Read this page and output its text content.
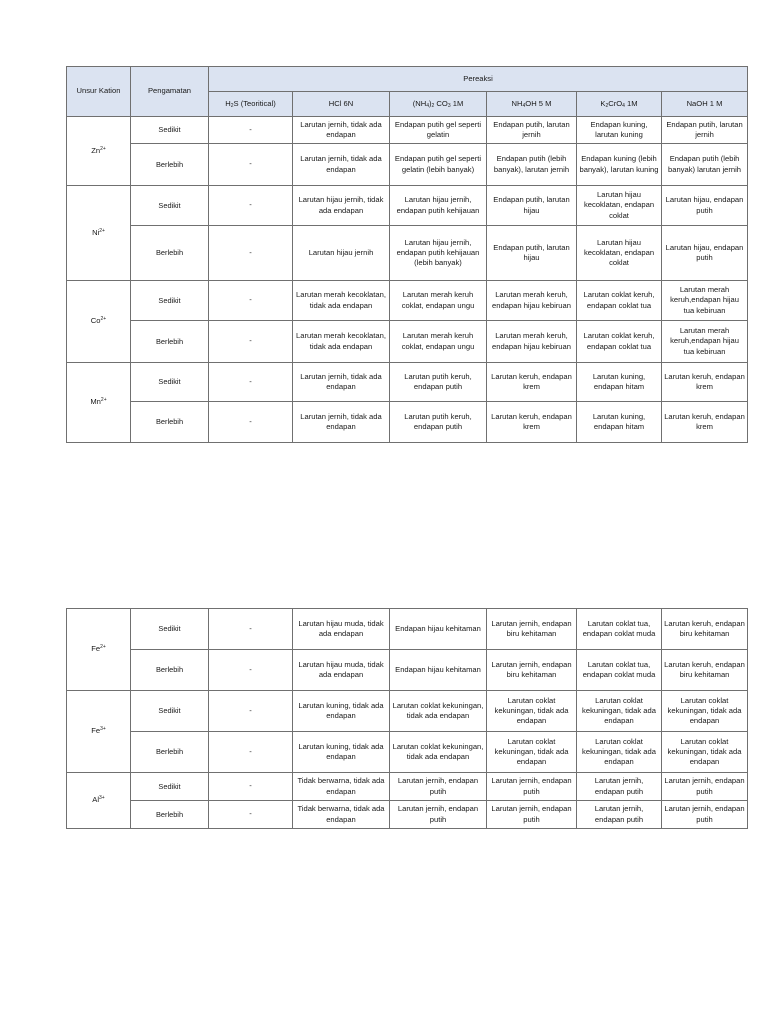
Unsur Kation	Pengamatan	Pereaksi					
		$H_2S$ (Teoritical)	HCl 6N	$(NH_4)_2$ $CO_3$ 1M	$NH_4OH$ 5 M	$K_2CrO_4$ 1M	NaOH 1 M
$Zn^{2+}$	Sedikit	-	Larutan jernih, tidak ada endapan	Endapan putih gel seperti gelatin	Endapan putih, larutan jernih	Endapan kuning, larutan kuning	Endapan putih, larutan jernih
	Berlebih	-	Larutan jernih, tidak ada endapan	Endapan putih gel seperti gelatin (lebih banyak)	Endapan putih (lebih banyak), larutan jernih	Endapan kuning (lebih banyak), larutan kuning	Endapan putih (lebih banyak) larutan jernih
$Ni^{2+}$	Sedikit	-	Larutan hijau jernih, tidak ada endapan	Larutan hijau jernih, endapan putih kehijauan	Endapan putih, larutan hijau	Larutan hijau kecoklatan, endapan coklat	Larutan hijau, endapan putih
	Berlebih	-	Larutan hijau jernih	Larutan hijau jernih, endapan putih kehijauan (lebih banyak)	Endapan putih, larutan hijau	Larutan hijau kecoklatan, endapan coklat	Larutan hijau, endapan putih
$Co^{2+}$	Sedikit	-	Larutan merah kecoklatan, tidak ada endapan	Larutan merah keruh coklat, endapan ungu	Larutan merah keruh, endapan hijau kebiruan	Larutan coklat keruh, endapan coklat tua	Larutan merah keruh,endapan hijau tua kebiruan
	Berlebih	-	Larutan merah kecoklatan, tidak ada endapan	Larutan merah keruh coklat, endapan ungu	Larutan merah keruh, endapan hijau kebiruan	Larutan coklat keruh, endapan coklat tua	Larutan merah keruh,endapan hijau tua kebiruan
$Mn^{2+}$	Sedikit	-	Larutan jernih, tidak ada endapan	Larutan putih keruh, endapan putih	Larutan keruh, endapan krem	Larutan kuning, endapan hitam	Larutan keruh, endapan krem
	Berlebih	-	Larutan jernih, tidak ada endapan	Larutan putih keruh, endapan putih	Larutan keruh, endapan krem	Larutan kuning, endapan hitam	Larutan keruh, endapan krem
$Fe^{2+}$	Sedikit	-	Larutan hijau muda, tidak ada endapan	Endapan hijau kehitaman	Larutan jernih, endapan biru kehitaman	Larutan coklat tua, endapan coklat muda	Larutan keruh, endapan biru kehitaman
	Berlebih	-	Larutan hijau muda, tidak ada endapan	Endapan hijau kehitaman	Larutan jernih, endapan biru kehitaman	Larutan coklat tua, endapan coklat muda	Larutan keruh, endapan biru kehitaman
$Fe^{3+}$	Sedikit	-	Larutan kuning, tidak ada endapan	Larutan coklat kekuningan, tidak ada endapan	Larutan coklat kekuningan, tidak ada endapan	Larutan coklat kekuningan, tidak ada endapan	Larutan coklat kekuningan, tidak ada endapan
	Berlebih	-	Larutan kuning, tidak ada endapan	Larutan coklat kekuningan, tidak ada endapan	Larutan coklat kekuningan, tidak ada endapan	Larutan coklat kekuningan, tidak ada endapan	Larutan coklat kekuningan, tidak ada endapan
$Al^{3+}$	Sedikit	-	Tidak berwarna, tidak ada endapan	Larutan jernih, endapan putih	Larutan jernih, endapan putih	Larutan jernih, endapan putih	Larutan jernih, endapan putih
	Berlebih	-	Tidak berwarna, tidak ada endapan	Larutan jernih, endapan putih	Larutan jernih, endapan putih	Larutan jernih, endapan putih	Larutan jernih, endapan putih
